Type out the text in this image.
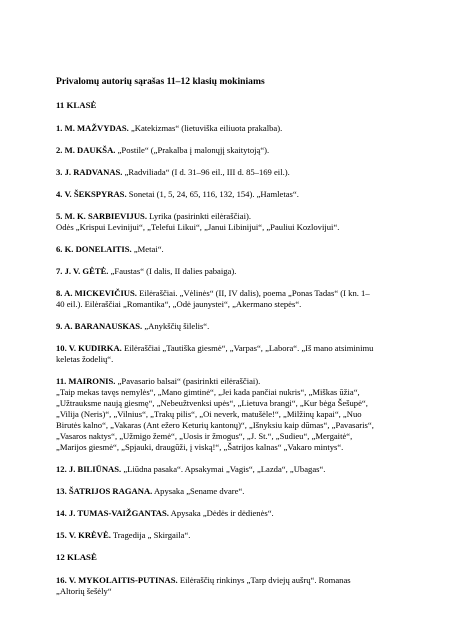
Privalomų autorių sąrašas 11–12 klasių mokiniams
11 KLASĖ

1. M. MAŽVYDAS. „Katekizmas“ (lietuviška eiliuota prakalba).

2. M. DAUKŠA. „Postile“ („Prakalba į malonųjį skaitytoją“).

3. J. RADVANAS. „Radviliada“ (I d. 31–96 eil., III d. 85–169 eil.).

4. V. ŠEKSPYRAS. Sonetai (1, 5, 24, 65, 116, 132, 154). „Hamletas“.

5. M. K. SARBIEVIJUS. Lyrika (pasirinkti eilėraščiai).

Odės „Krispui Levinijui“, „Telefui Likui“, „Janui Libinijui“, „Pauliui Kozlovijui“.

6. K. DONELAITIS. „Metai“.

7. J. V. GĖTĖ. „Faustas“ (I dalis, II dalies pabaiga).

8. A. MICKEVIČIUS. Eilėraščiai. „Vėlinės“ (II, IV dalis), poema „Ponas Tadas“ (I kn. 1–

40 eil.). Eilėraščiai „Romantika“, „Odė jaunystei“, „Akermano stepės“.

9. A. BARANAUSKAS. „Anykščių šilelis“.

10. V. KUDIRKA. Eilėraščiai „Tautiška giesmė“, „Varpas“, „Labora“. „Iš mano atsiminimu

keletas žodelių“.

11. MAIRONIS. „Pavasario balsai“ (pasirinkti eilėraščiai).

„Taip mekas tavęs nemylės“, „Mano gimtinė“, „Jei kada pančiai nukris“, „Miškas ūžia“,

„Užtrauksme naują giesmę“, „Nebeužtvenksi upės“, „Lietuva brangi“, „Kur bėga Šešupė“,

„Vilija (Neris)“, „Vilnius“, „Trakų pilis“, „Oi neverk, matušėle!“, „Milžinų kapai“, „Nuo

Birutės kalno“, „Vakaras (Ant ežero Keturių kantonų)“, „Išnyksiu kaip dūmas“, „Pavasaris“,

„Vasaros naktys“, „Užmigo žemė“, „Uosis ir žmogus“, „J. St.“, „Sudieu“, „Mergaitė“,

„Marijos giesmė“, „Spjauki, draugūži, į viską!“, „Šatrijos kalnas“ „Vakaro mintys“.

12. J. BILIŪNAS. „Liūdna pasaka“. Apsakymai „Vagis“, „Lazda“, „Ubagas“.

13. ŠATRIJOS RAGANA. Apysaka „Sename dvare“.

14. J. TUMAS-VAIŽGANTAS. Apysaka „Dėdės ir dėdienės“.

15. V. KRĖVĖ. Tragedija „ Skirgaila“.

12 KLASĖ

16. V. MYKOLAITIS-PUTINAS. Eilėraščių rinkinys „Tarp dviejų aušrų“. Romanas

„Altorių šešėly“
